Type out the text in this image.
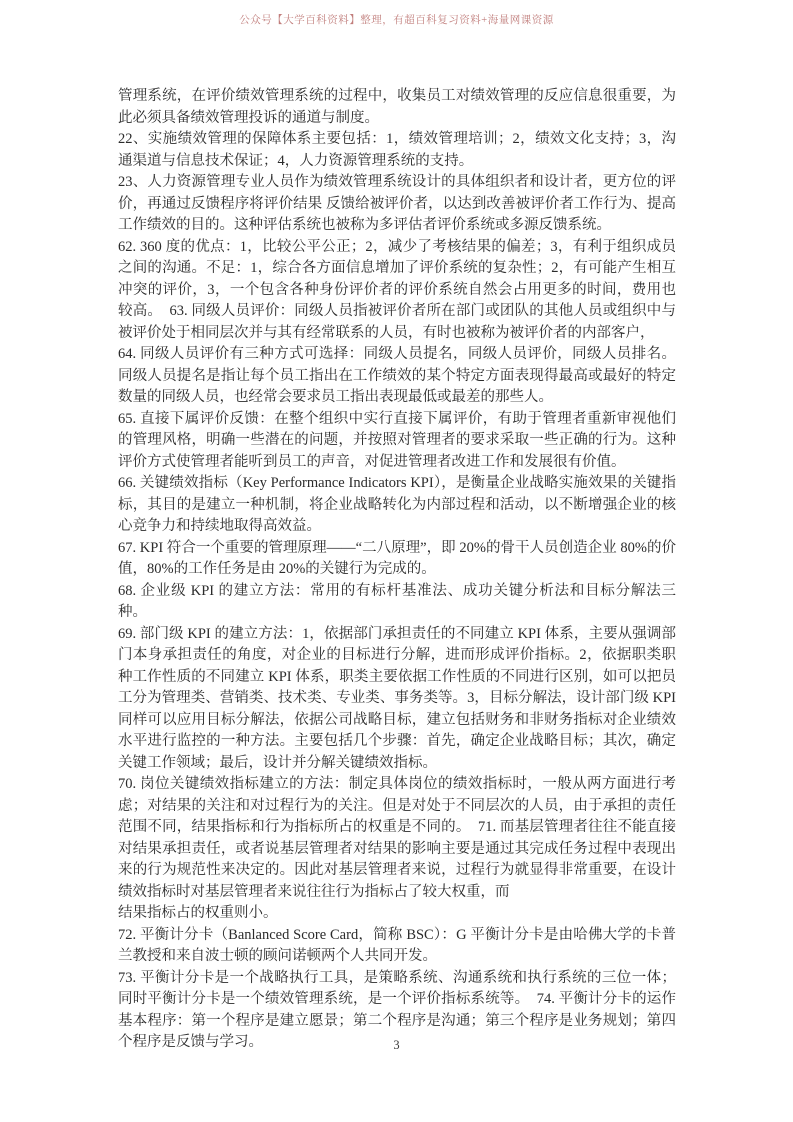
公众号【大学百科资料】整理，有超百科复习资料+海量网课资源

管理系统，在评价绩效管理系统的过程中，收集员工对绩效管理的反应信息很重要，为此必须具备绩效管理投诉的通道与制度。

22、实施绩效管理的保障体系主要包括：1，绩效管理培训；2，绩效文化支持；3，沟通渠道与信息技术保证；4，人力资源管理系统的支持。

23、人力资源管理专业人员作为绩效管理系统设计的具体组织者和设计者，更方位的评价，再通过反馈程序将评价结果 反馈给被评价者，以达到改善被评价者工作行为、提高工作绩效的目的。这种评估系统也被称为多评估者评价系统或多源反馈系统。

62. 360 度的优点：1，比较公平公正；2，减少了考核结果的偏差；3，有利于组织成员之间的沟通。不足：1，综合各方面信息增加了评价系统的复杂性；2，有可能产生相互冲突的评价，3，一个包含各种身份评价者的评价系统自然会占用更多的时间，费用也较高。　63. 同级人员评价：同级人员指被评价者所在部门或团队的其他人员或组织中与被评价处于相同层次并与其有经常联系的人员，有时也被称为被评价者的内部客户，

64. 同级人员评价有三种方式可选择：同级人员提名，同级人员评价，同级人员排名。同级人员提名是指让每个员工指出在工作绩效的某个特定方面表现得最高或最好的特定数量的同级人员，也经常会要求员工指出表现最低或最差的那些人。

65. 直接下属评价反馈：在整个组织中实行直接下属评价，有助于管理者重新审视他们的管理风格，明确一些潜在的问题，并按照对管理者的要求采取一些正确的行为。这种评价方式使管理者能听到员工的声音，对促进管理者改进工作和发展很有价值。

66. 关键绩效指标（Key Performance Indicators KPI），是衡量企业战略实施效果的关键指标，其目的是建立一种机制，将企业战略转化为内部过程和活动，以不断增强企业的核心竞争力和持续地取得高效益。

67. KPI 符合一个重要的管理原理——“二八原理”，即 20%的骨干人员创造企业 80%的价值，80%的工作任务是由 20%的关键行为完成的。

68. 企业级 KPI 的建立方法：常用的有标杆基准法、成功关键分析法和目标分解法三种。

69. 部门级 KPI 的建立方法：1，依据部门承担责任的不同建立 KPI 体系，主要从强调部门本身承担责任的角度，对企业的目标进行分解，进而形成评价指标。2，依据职类职种工作性质的不同建立 KPI 体系，职类主要依据工作性质的不同进行区别，如可以把员工分为管理类、营销类、技术类、专业类、事务类等。3，目标分解法，设计部门级 KPI 同样可以应用目标分解法，依据公司战略目标，建立包括财务和非财务指标对企业绩效水平进行监控的一种方法。主要包括几个步骤：首先，确定企业战略目标；其次，确定关键工作领域；最后，设计并分解关键绩效指标。

70. 岗位关键绩效指标建立的方法：制定具体岗位的绩效指标时，一般从两方面进行考虑；对结果的关注和对过程行为的关注。但是对处于不同层次的人员，由于承担的责任范围不同，结果指标和行为指标所占的权重是不同的。　71. 而基层管理者往往不能直接对结果承担责任，或者说基层管理者对结果的影响主要是通过其完成任务过程中表现出来的行为规范性来决定的。因此对基层管理者来说，过程行为就显得非常重要，在设计绩效指标时对基层管理者来说往往行为指标占了较大权重，而

结果指标占的权重则小。

72. 平衡计分卡（Banlanced Score Card，简称 BSC）：G 平衡计分卡是由哈佛大学的卡普兰教授和来自波士顿的顾问诺顿两个人共同开发。

73. 平衡计分卡是一个战略执行工具，是策略系统、沟通系统和执行系统的三位一体；同时平衡计分卡是一个绩效管理系统，是一个评价指标系统等。　74. 平衡计分卡的运作基本程序：第一个程序是建立愿景；第二个程序是沟通；第三个程序是业务规划；第四个程序是反馈与学习。	3
